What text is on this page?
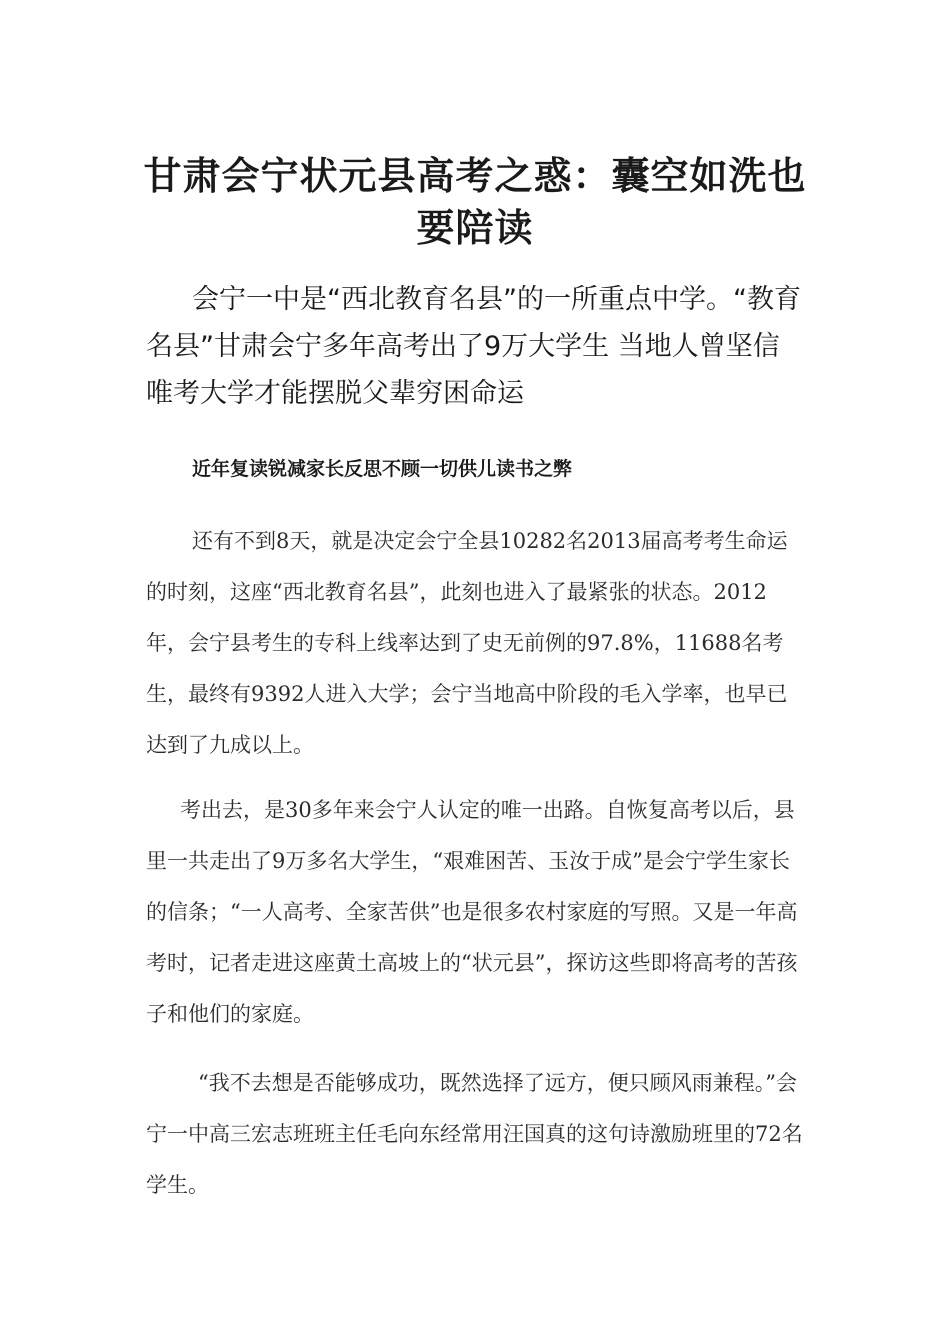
甘肃会宁状元县高考之惑：囊空如洗也要陪读

会宁一中是“西北教育名县”的一所重点中学。“教育名县”甘肃会宁多年高考出了9万大学生 当地人曾坚信唯考大学才能摆脱父辈穷困命运

近年复读锐减家长反思不顾一切供儿读书之弊

还有不到8天，就是决定会宁全县10282名2013届高考考生命运的时刻，这座“西北教育名县”，此刻也进入了最紧张的状态。2012年，会宁县考生的专科上线率达到了史无前例的97.8%，11688名考生，最终有9392人进入大学；会宁当地高中阶段的毛入学率，也早已达到了九成以上。

考出去，是30多年来会宁人认定的唯一出路。自恢复高考以后，县里一共走出了9万多名大学生，“艰难困苦、玉汝于成”是会宁学生家长的信条；“一人高考、全家苦供”也是很多农村家庭的写照。又是一年高考时，记者走进这座黄土高坡上的“状元县”，探访这些即将高考的苦孩子和他们的家庭。

“我不去想是否能够成功，既然选择了远方，便只顾风雨兼程。”会宁一中高三宏志班班主任毛向东经常用汪国真的这句诗激励班里的72名学生。
